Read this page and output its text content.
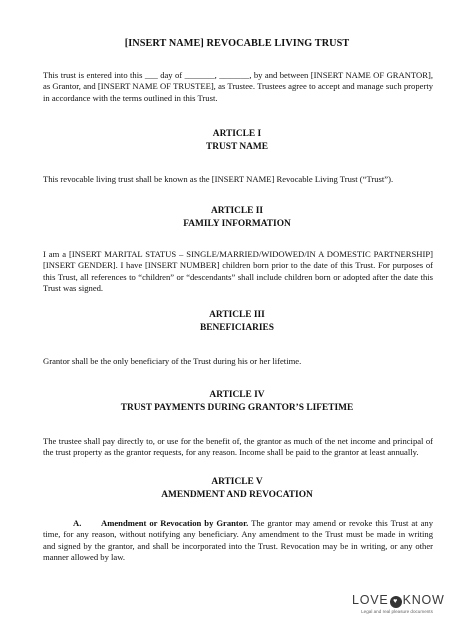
[INSERT NAME] REVOCABLE LIVING TRUST

This trust is entered into this ___ day of _______, _______, by and between [INSERT NAME OF GRANTOR], as Grantor, and [INSERT NAME OF TRUSTEE], as Trustee. Trustees agree to accept and manage such property in accordance with the terms outlined in this Trust.

ARTICLE I
TRUST NAME

This revocable living trust shall be known as the [INSERT NAME] Revocable Living Trust (“Trust”).

ARTICLE II
FAMILY INFORMATION

I am a [INSERT MARITAL STATUS – SINGLE/MARRIED/WIDOWED/IN A DOMESTIC PARTNERSHIP] [INSERT GENDER]. I have [INSERT NUMBER] children born prior to the date of this Trust. For purposes of this Trust, all references to “children” or “descendants” shall include children born or adopted after the date this Trust was signed.

ARTICLE III
BENEFICIARIES

Grantor shall be the only beneficiary of the Trust during his or her lifetime.

ARTICLE IV
TRUST PAYMENTS DURING GRANTOR’S LIFETIME

The trustee shall pay directly to, or use for the benefit of, the grantor as much of the net income and principal of the trust property as the grantor requests, for any reason. Income shall be paid to the grantor at least annually.

ARTICLE V
AMENDMENT AND REVOCATION

A. Amendment or Revocation by Grantor. The grantor may amend or revoke this Trust at any time, for any reason, without notifying any beneficiary. Any amendment to the Trust must be made in writing and signed by the grantor, and shall be incorporated into the Trust. Revocation may be in writing, or any other manner allowed by law.

LOVE ♥ KNOW
Legal and real pleasure documents
